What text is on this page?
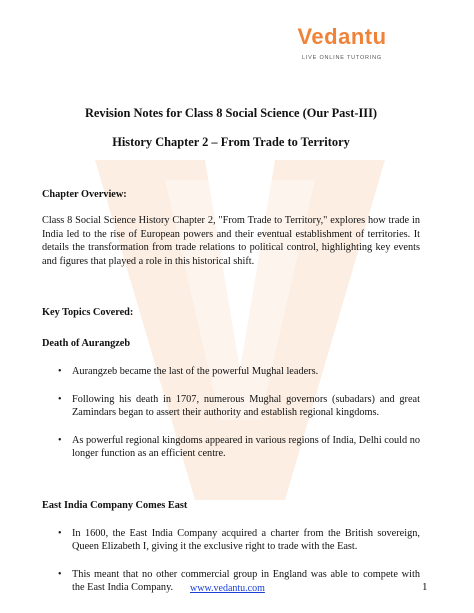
Vedantu
LIVE ONLINE TUTORING

Revision Notes for Class 8 Social Science (Our Past-III)

History Chapter 2 – From Trade to Territory

Chapter Overview:

Class 8 Social Science History Chapter 2, "From Trade to Territory," explores how trade in India led to the rise of European powers and their eventual establishment of territories. It details the transformation from trade relations to political control, highlighting key events and figures that played a role in this historical shift.

Key Topics Covered:

Death of Aurangzeb

• Aurangzeb became the last of the powerful Mughal leaders.
• Following his death in 1707, numerous Mughal governors (subadars) and great Zamindars began to assert their authority and establish regional kingdoms.
• As powerful regional kingdoms appeared in various regions of India, Delhi could no longer function as an efficient centre.

East India Company Comes East

• In 1600, the East India Company acquired a charter from the British sovereign, Queen Elizabeth I, giving it the exclusive right to trade with the East.
• This meant that no other commercial group in England was able to compete with the East India Company.	www.vedantu.com	1
